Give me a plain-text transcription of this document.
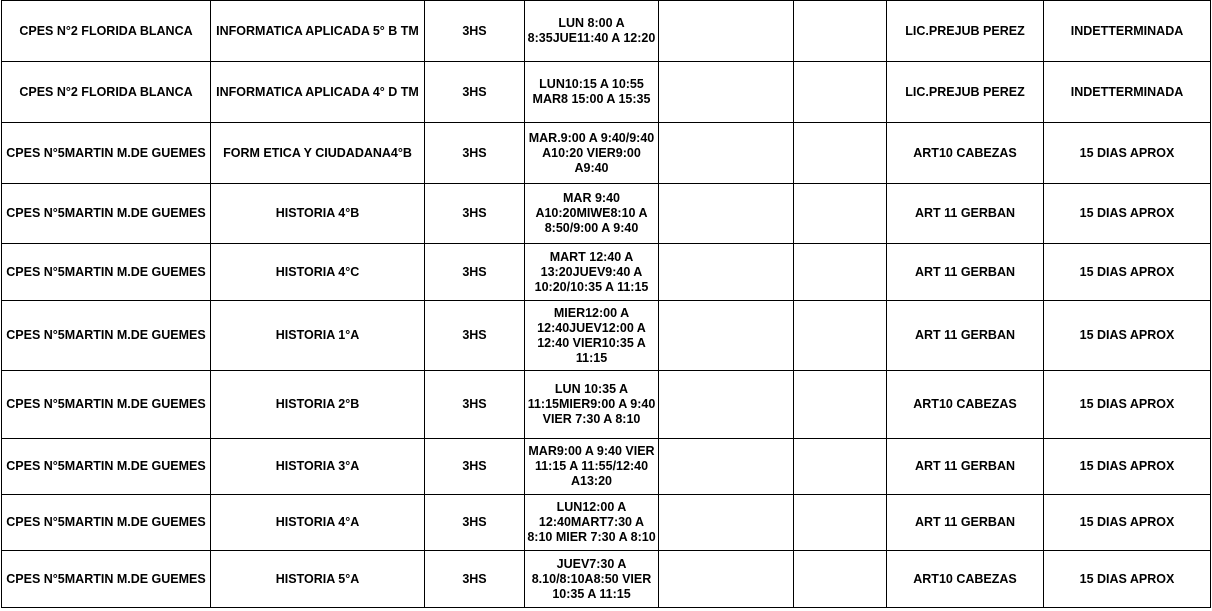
CPES N°2 FLORIDA BLANCA	INFORMATICA APLICADA 5° B TM	3HS	LUN 8:00 A 8:35JUE11:40 A 12:20			LIC.PREJUB PEREZ	INDETTERMINADA
CPES N°2 FLORIDA BLANCA	INFORMATICA APLICADA 4° D TM	3HS	LUN10:15 A 10:55 MAR8 15:00 A 15:35			LIC.PREJUB PEREZ	INDETTERMINADA
CPES N°5MARTIN M.DE GUEMES	FORM ETICA Y CIUDADANA4°B	3HS	MAR.9:00 A 9:40/9:40 A10:20 VIER9:00 A9:40			ART10 CABEZAS	15 DIAS APROX
CPES N°5MARTIN M.DE GUEMES	HISTORIA 4°B	3HS	MAR 9:40 A10:20MIWE8:10 A 8:50/9:00 A 9:40			ART 11 GERBAN	15 DIAS APROX
CPES N°5MARTIN M.DE GUEMES	HISTORIA 4°C	3HS	MART 12:40 A 13:20JUEV9:40 A 10:20/10:35 A 11:15			ART 11 GERBAN	15 DIAS APROX
CPES N°5MARTIN M.DE GUEMES	HISTORIA 1°A	3HS	MIER12:00 A 12:40JUEV12:00 A 12:40 VIER10:35 A 11:15			ART 11 GERBAN	15 DIAS APROX
CPES N°5MARTIN M.DE GUEMES	HISTORIA 2°B	3HS	LUN 10:35 A 11:15MIER9:00 A 9:40 VIER 7:30 A 8:10			ART10 CABEZAS	15 DIAS APROX
CPES N°5MARTIN M.DE GUEMES	HISTORIA 3°A	3HS	MAR9:00 A 9:40 VIER 11:15 A 11:55/12:40 A13:20			ART 11 GERBAN	15 DIAS APROX
CPES N°5MARTIN M.DE GUEMES	HISTORIA 4°A	3HS	LUN12:00 A 12:40MART7:30 A 8:10 MIER 7:30 A 8:10			ART 11 GERBAN	15 DIAS APROX
CPES N°5MARTIN M.DE GUEMES	HISTORIA 5°A	3HS	JUEV7:30 A 8.10/8:10A8:50 VIER 10:35 A 11:15			ART10 CABEZAS	15 DIAS APROX
